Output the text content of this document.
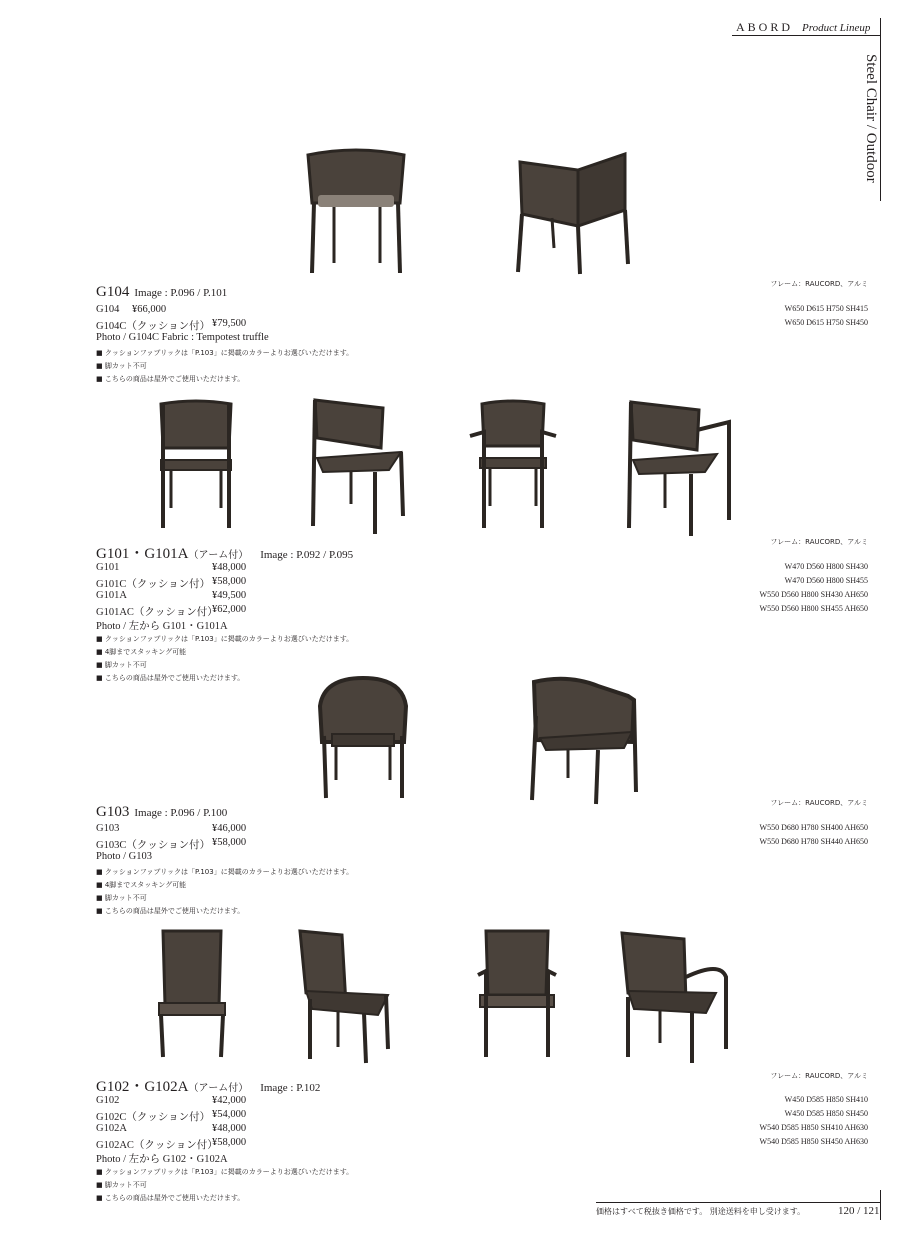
ABORD Product Lineup
Steel Chair / Outdoor
G104 Image : P.096 / P.101
G104 ¥66,000
G104C（クッション付） ¥79,500
Photo / G104C Fabric : Tempotest truffle
■ クッションファブリックは「P.103」に掲載のカラーよりお選びいただけます。
■ 脚カット不可
■ こちらの商品は屋外でご使用いただけます。
フレーム：RAUCORD、アルミ
W650 D615 H750 SH415
W650 D615 H750 SH450
G101・G101A（アーム付） Image : P.092 / P.095
G101	¥48,000
G101C（クッション付） ¥58,000
G101A	¥49,500
G101AC（クッション付）
¥62,000
Photo / 左から G101・G101A
■ クッションファブリックは「P.103」に掲載のカラーよりお選びいただけます。
■ 4脚までスタッキング可能
■ 脚カット不可
■ こちらの商品は屋外でご使用いただけます。
フレーム：RAUCORD、アルミ
W470 D560 H800 SH430
W470 D560 H800 SH455
W550 D560 H800 SH430 AH650
W550 D560 H800 SH455 AH650
G103 Image : P.096 / P.100
G103	¥46,000
G103C（クッション付） ¥58,000
Photo / G103
■ クッションファブリックは「P.103」に掲載のカラーよりお選びいただけます。
■ 4脚までスタッキング可能
■ 脚カット不可
■ こちらの商品は屋外でご使用いただけます。
フレーム：RAUCORD、アルミ
W550 D680 H780 SH400 AH650
W550 D680 H780 SH440 AH650
G102・G102A（アーム付） Image : P.102
G102	¥42,000
G102C（クッション付） ¥54,000
G102A	¥48,000
G102AC（クッション付）
¥58,000
Photo / 左から G102・G102A
■ クッションファブリックは「P.103」に掲載のカラーよりお選びいただけます。
■ 脚カット不可
■ こちらの商品は屋外でご使用いただけます。
フレーム：RAUCORD、アルミ
W450 D585 H850 SH410
W450 D585 H850 SH450
W540 D585 H850 SH410 AH630
W540 D585 H850 SH450 AH630
価格はすべて税抜き価格です。 別途送料を申し受けます。	120 / 121
